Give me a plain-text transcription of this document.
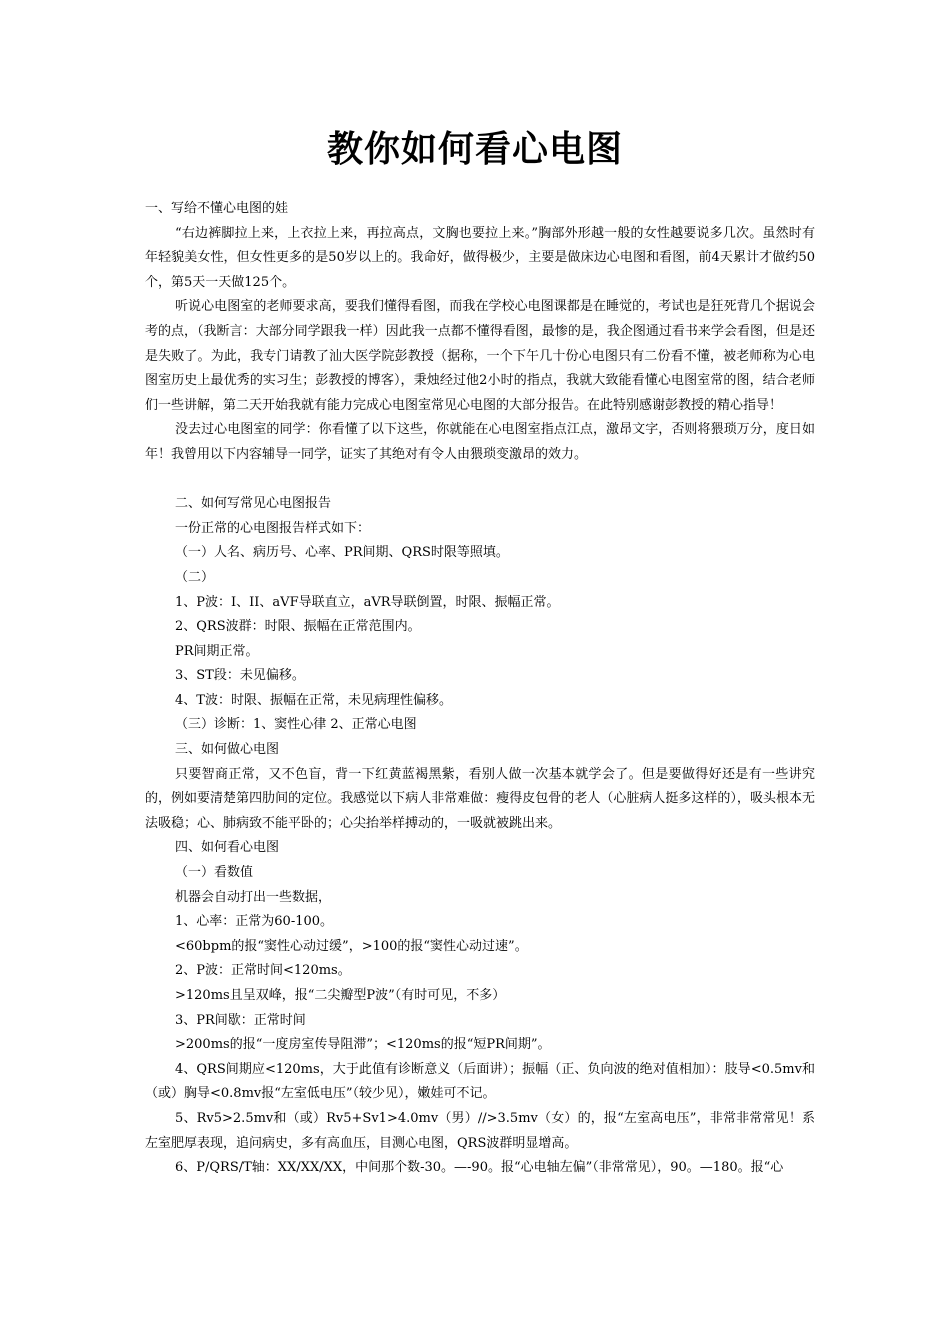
教你如何看心电图

一、写给不懂心电图的娃

“右边裤脚拉上来，上衣拉上来，再拉高点，文胸也要拉上来。”胸部外形越一般的女性越要说多几次。虽然时有年轻貌美女性，但女性更多的是50岁以上的。我命好，做得极少，主要是做床边心电图和看图，前4天累计才做约50个，第5天一天做125个。

听说心电图室的老师要求高，要我们懂得看图，而我在学校心电图课都是在睡觉的，考试也是狂死背几个据说会考的点，（我断言：大部分同学跟我一样）因此我一点都不懂得看图，最惨的是，我企图通过看书来学会看图，但是还是失败了。为此，我专门请教了汕大医学院彭教授（据称，一个下午几十份心电图只有二份看不懂，被老师称为心电图室历史上最优秀的实习生；彭教授的博客），秉烛经过他2小时的指点，我就大致能看懂心电图室常的图，结合老师们一些讲解，第二天开始我就有能力完成心电图室常见心电图的大部分报告。在此特别感谢彭教授的精心指导！

没去过心电图室的同学：你看懂了以下这些，你就能在心电图室指点江点，激昂文字，否则将猥琐万分，度日如年！我曾用以下内容辅导一同学，证实了其绝对有令人由猥琐变激昂的效力。

二、如何写常见心电图报告

一份正常的心电图报告样式如下：

（一）人名、病历号、心率、PR间期、QRS时限等照填。

（二）

1、P波：I、II、aVF导联直立，aVR导联倒置，时限、振幅正常。

2、QRS波群：时限、振幅在正常范围内。

PR间期正常。

3、ST段：未见偏移。

4、T波：时限、振幅在正常，未见病理性偏移。

（三）诊断：1、窦性心律 2、正常心电图

三、如何做心电图

只要智商正常，又不色盲，背一下红黄蓝褐黑紫，看别人做一次基本就学会了。但是要做得好还是有一些讲究的，例如要清楚第四肋间的定位。我感觉以下病人非常难做：瘦得皮包骨的老人（心脏病人挺多这样的），吸头根本无法吸稳；心、肺病致不能平卧的；心尖抬举样搏动的，一吸就被跳出来。

四、如何看心电图

（一）看数值

机器会自动打出一些数据，

1、心率：正常为60-100。

<60bpm的报“窦性心动过缓”，>100的报“窦性心动过速”。

2、P波：正常时间<120ms。

>120ms且呈双峰，报“二尖瓣型P波”（有时可见，不多）

3、PR间歇：正常时间

>200ms的报“一度房室传导阻滞”；<120ms的报“短PR间期”。

4、QRS间期应<120ms，大于此值有诊断意义（后面讲）；振幅（正、负向波的绝对值相加）：肢导<0.5mv和（或）胸导<0.8mv报“左室低电压”（较少见），嫩娃可不记。

5、Rv5>2.5mv和（或）Rv5+Sv1>4.0mv（男）//>3.5mv（女）的，报“左室高电压”，非常非常常见！系左室肥厚表现，追问病史，多有高血压，目测心电图，QRS波群明显增高。

6、P/QRS/T轴：XX/XX/XX，中间那个数-30。—-90。报“心电轴左偏”（非常常见），90。—180。报“心
